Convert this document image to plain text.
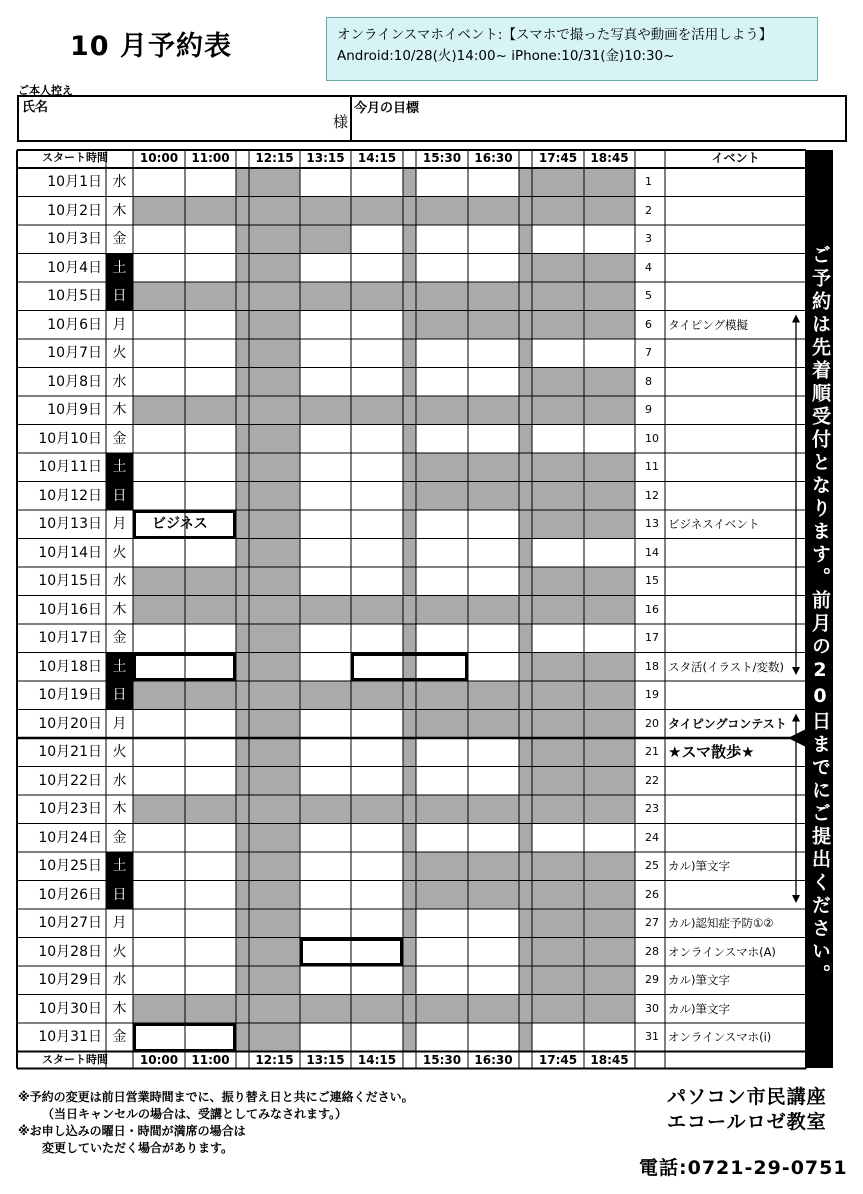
10 月予約表	オンラインスマホイベント:【スマホで撮った写真や動画を活用しよう】
Android:10/28(火)14:00~ iPhone:10/31(金)10:30~
ご本人控え
氏名
様
今月の目標
スタート時間	10:00	11:00	12:15	13:15	14:15	15:30	16:30	17:45	18:45	イベント
スタート時間	10:00	11:00	12:15	13:15	14:15	15:30	16:30	17:45	18:45
10月1日 水	1
10月2日 木	2
10月3日 金	3
10月4日 土	4
10月5日 日	5
10月6日 月	6	タイピング模擬
10月7日 火	7
10月8日 水	8
10月9日 木	9
10月10日 金	10
10月11日 土	11
10月12日 日	12
10月13日 月	13 ビジネスイベント
10月14日 火	14
10月15日 水	15
10月16日 木	16
10月17日 金	17
10月18日 土	18 スタ活(イラスト/変数)
10月19日 日	19
10月20日 月	20 タイピングコンテスト
10月21日 火	21 ★スマ散歩★
10月22日 水	22
10月23日 木	23
10月24日 金	24
10月25日 土	25 カル)筆文字
10月26日 日	26
10月27日 月	27 カル)認知症予防①②
10月28日 火	28 オンラインスマホ(A)
10月29日 水	29 カル)筆文字
10月30日 木	30 カル)筆文字
10月31日 金	31 オンラインスマホ(i)
ビジネス	ご予約は先着順受付となります。前月の20日までにご提出ください。
※予約の変更は前日営業時間までに、振り替え日と共にご連絡ください。
（当日キャンセルの場合は、受講としてみなされます。）
※お申し込みの曜日・時間が満席の場合は
変更していただく場合があります。
パソコン市民講座
エコールロゼ教室
電話:0721-29-0751
